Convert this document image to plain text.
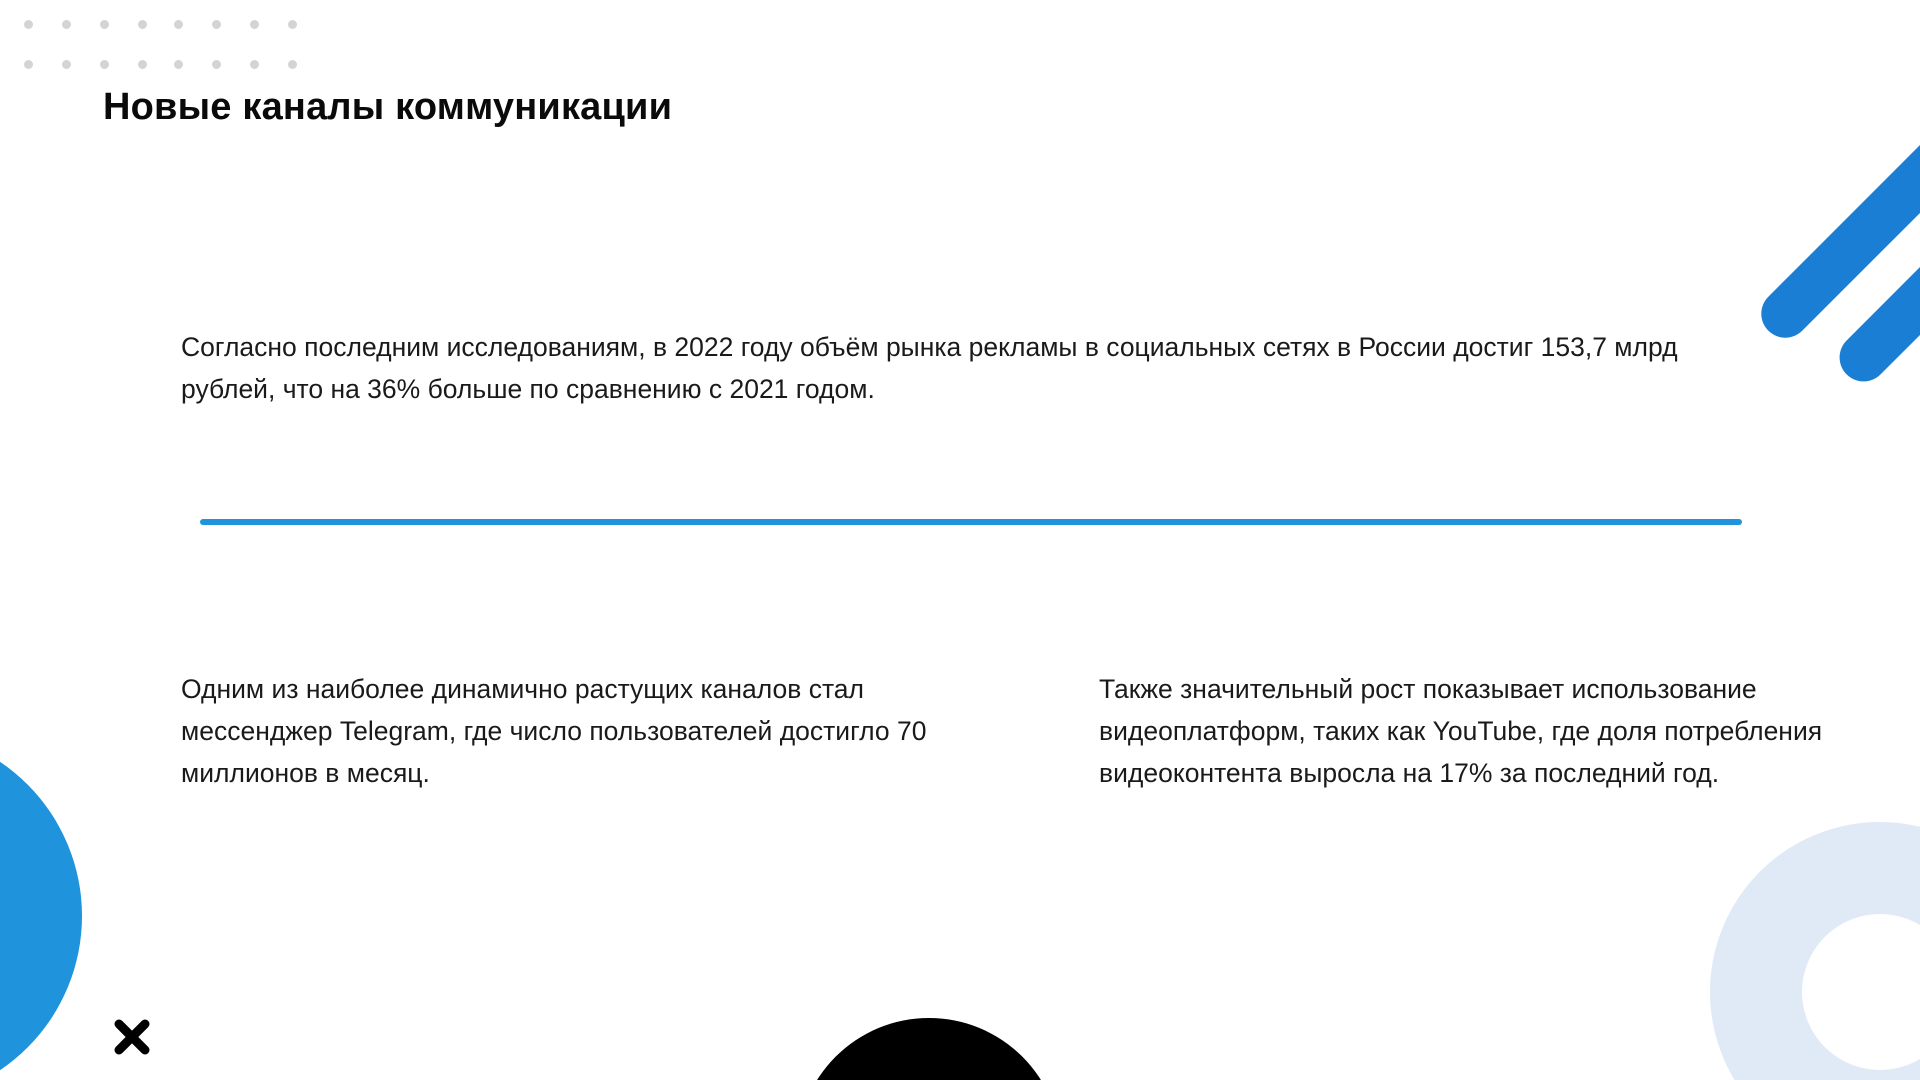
Новые каналы коммуникации

Согласно последним исследованиям, в 2022 году объём рынка рекламы в социальных сетях в России достиг 153,7 млрд рублей, что на 36% больше по сравнению с 2021 годом.

Одним из наиболее динамично растущих каналов стал мессенджер Telegram, где число пользователей достигло 70 миллионов в месяц.

Также значительный рост показывает использование видеоплатформ, таких как YouTube, где доля потребления видеоконтента выросла на 17% за последний год.
